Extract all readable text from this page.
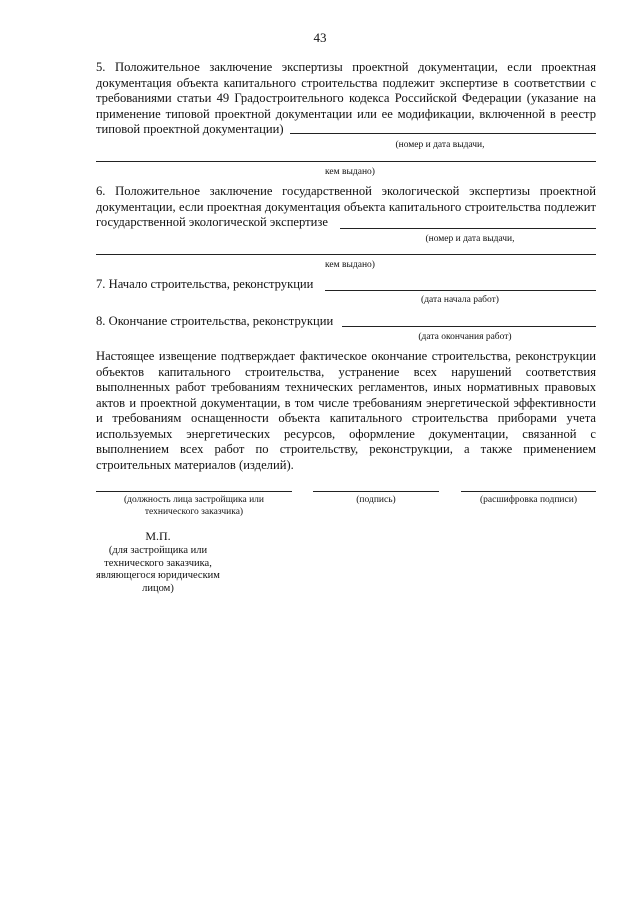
43
5. Положительное заключение экспертизы проектной документации, если проектная документация объекта капитального строительства подлежит экспертизе в соответствии с требованиями статьи 49 Градостроительного кодекса Российской Федерации (указание на применение типовой проектной документации или ее модификации, включенной в реестр типовой проектной документации)
(номер и дата выдачи,
кем выдано)
6. Положительное заключение государственной экологической экспертизы проектной документации, если проектная документация объекта капитального строительства подлежит государственной экологической экспертизе
(номер и дата выдачи,
кем выдано)
7. Начало строительства, реконструкции
(дата начала работ)
8. Окончание строительства, реконструкции
(дата окончания работ)
Настоящее извещение подтверждает фактическое окончание строительства, реконструкции объектов капитального строительства, устранение всех нарушений соответствия выполненных работ требованиям технических регламентов, иных нормативных правовых актов и проектной документации, в том числе требованиям энергетической эффективности и требованиям оснащенности объекта капитального строительства приборами учета используемых энергетических ресурсов, оформление документации, связанной с выполнением всех работ по строительству, реконструкции, а также применением строительных материалов (изделий).
(должность лица застройщика или технического заказчика)
(подпись)	(расшифровка подписи)
М.П.
(для застройщика или технического заказчика, являющегося юридическим лицом)
